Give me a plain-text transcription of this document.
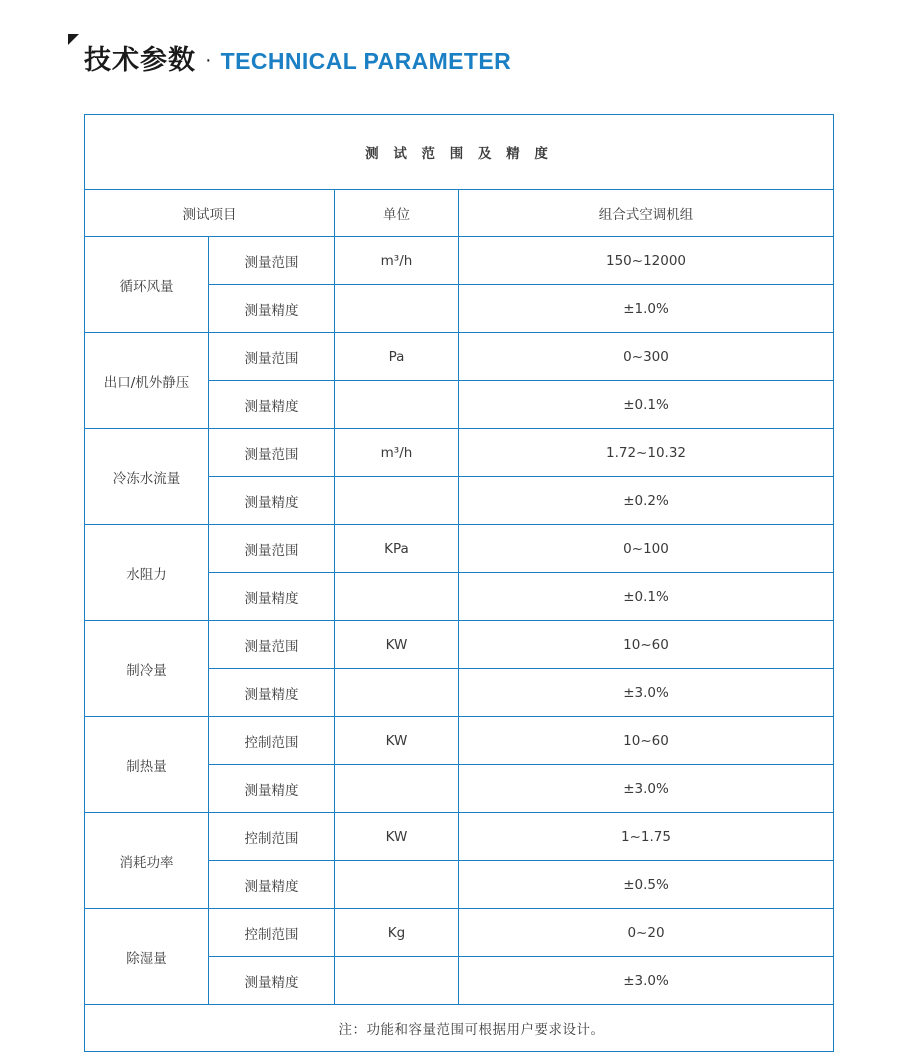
技术参数 · TECHNICAL PARAMETER
测 试 范 围 及 精 度			
测试项目		单位	组合式空调机组
循环风量	测量范围	m³/h	150~12000
	测量精度		±1.0%
出口/机外静压	测量范围	Pa	0~300
	测量精度		±0.1%
冷冻水流量	测量范围	m³/h	1.72~10.32
	测量精度		±0.2%
水阻力	测量范围	KPa	0~100
	测量精度		±0.1%
制冷量	测量范围	KW	10~60
	测量精度		±3.0%
制热量	控制范围	KW	10~60
	测量精度		±3.0%
消耗功率	控制范围	KW	1~1.75
	测量精度		±0.5%
除湿量	控制范围	Kg	0~20
	测量精度		±3.0%
注：功能和容量范围可根据用户要求设计。			
